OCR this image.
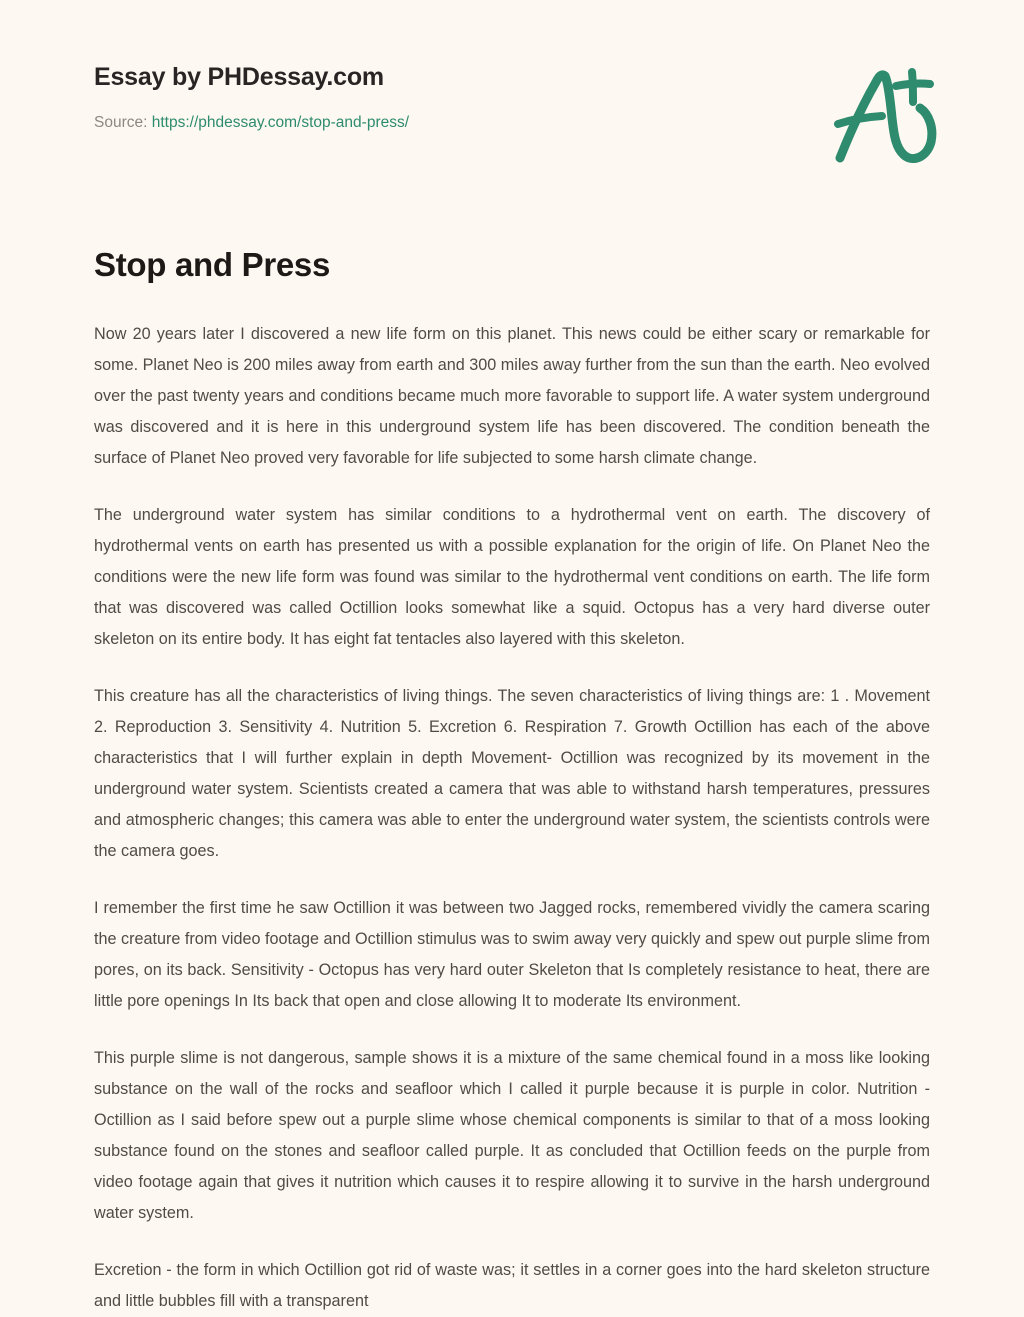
Essay by PHDessay.com
Source: https://phdessay.com/stop-and-press/
Stop and Press

Now 20 years later I discovered a new life form on this planet. This news could be either scary or remarkable for some. Planet Neo is 200 miles away from earth and 300 miles away further from the sun than the earth. Neo evolved over the past twenty years and conditions became much more favorable to support life. A water system underground was discovered and it is here in this underground system life has been discovered. The condition beneath the surface of Planet Neo proved very favorable for life subjected to some harsh climate change.

The underground water system has similar conditions to a hydrothermal vent on earth. The discovery of hydrothermal vents on earth has presented us with a possible explanation for the origin of life. On Planet Neo the conditions were the new life form was found was similar to the hydrothermal vent conditions on earth. The life form that was discovered was called Octillion looks somewhat like a squid. Octopus has a very hard diverse outer skeleton on its entire body. It has eight fat tentacles also layered with this skeleton.

This creature has all the characteristics of living things. The seven characteristics of living things are: 1 . Movement 2. Reproduction 3. Sensitivity 4. Nutrition 5. Excretion 6. Respiration 7. Growth Octillion has each of the above characteristics that I will further explain in depth Movement- Octillion was recognized by its movement in the underground water system. Scientists created a camera that was able to withstand harsh temperatures, pressures and atmospheric changes; this camera was able to enter the underground water system, the scientists controls were the camera goes.

I remember the first time he saw Octillion it was between two Jagged rocks, remembered vividly the camera scaring the creature from video footage and Octillion stimulus was to swim away very quickly and spew out purple slime from pores, on its back. Sensitivity - Octopus has very hard outer Skeleton that Is completely resistance to heat, there are little pore openings In Its back that open and close allowing It to moderate Its environment.

This purple slime is not dangerous, sample shows it is a mixture of the same chemical found in a moss like looking substance on the wall of the rocks and seafloor which I called it purple because it is purple in color. Nutrition - Octillion as I said before spew out a purple slime whose chemical components is similar to that of a moss looking substance found on the stones and seafloor called purple. It as concluded that Octillion feeds on the purple from video footage again that gives it nutrition which causes it to respire allowing it to survive in the harsh underground water system.

Excretion - the form in which Octillion got rid of waste was; it settles in a corner goes into the hard skeleton structure and little bubbles fill with a transparent
